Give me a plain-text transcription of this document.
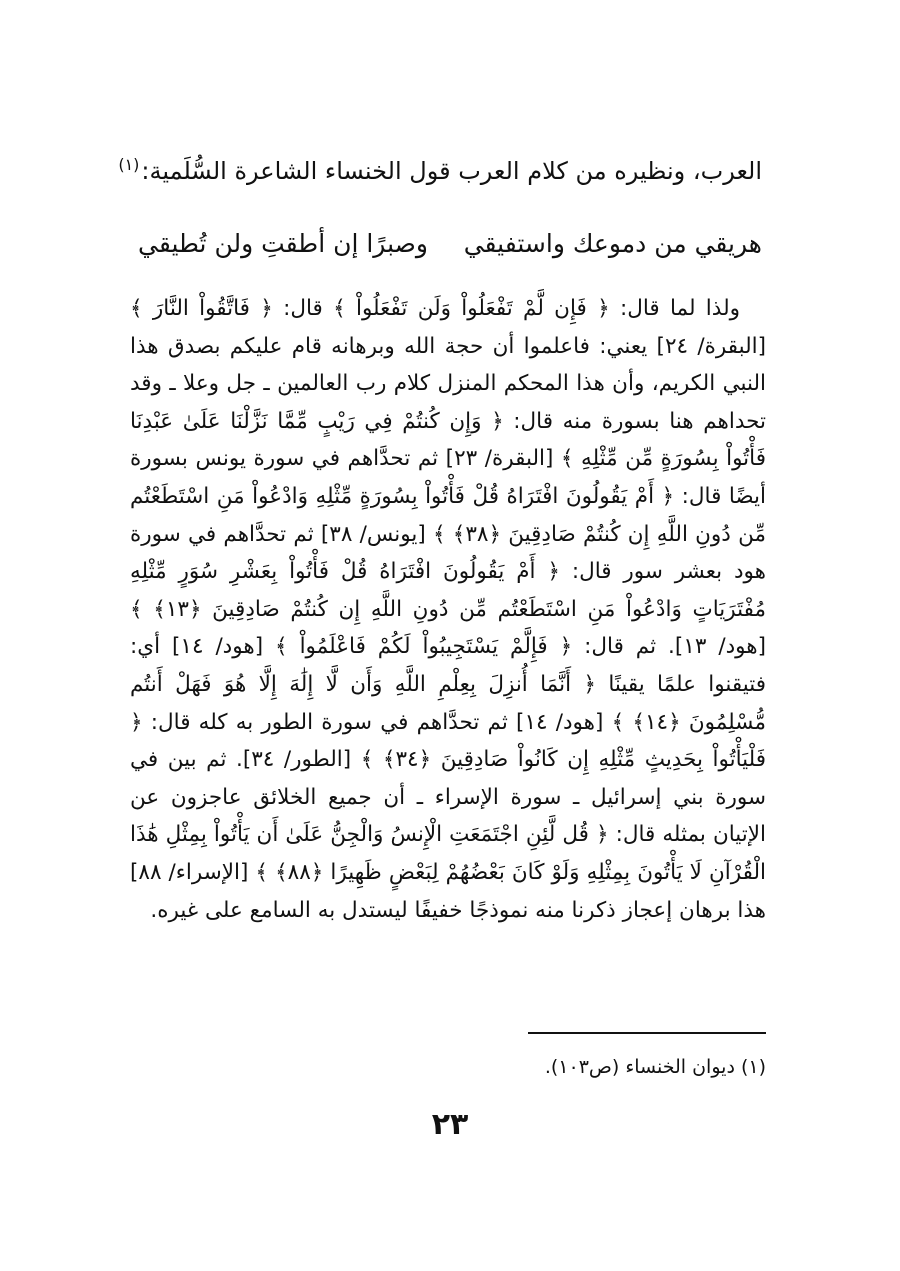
العرب، ونظيره من كلام العرب قول الخنساء الشاعرة السُّلَمية:$^{(١)}$
هريقي من دموعك واستفيقي
وصبرًا إن أطقتِ ولن تُطيقي

ولذا لما قال: ﴿ فَإِن لَّمْ تَفْعَلُواْ وَلَن تَفْعَلُواْ ﴾ قال: ﴿ فَاتَّقُواْ النَّارَ ﴾ [البقرة/ ٢٤] يعني: فاعلموا أن حجة الله وبرهانه قام عليكم بصدق هذا النبي الكريم، وأن هذا المحكم المنزل كلام رب العالمين ـ جل وعلا ـ وقد تحداهم هنا بسورة منه قال: ﴿ وَإِن كُنتُمْ فِي رَيْبٍ مِّمَّا نَزَّلْنَا عَلَىٰ عَبْدِنَا فَأْتُواْ بِسُورَةٍ مِّن مِّثْلِهِ ﴾ [البقرة/ ٢٣] ثم تحدَّاهم في سورة يونس بسورة أيضًا قال: ﴿ أَمْ يَقُولُونَ افْتَرَاهُ قُلْ فَأْتُواْ بِسُورَةٍ مِّثْلِهِ وَادْعُواْ مَنِ اسْتَطَعْتُم مِّن دُونِ اللَّهِ إِن كُنتُمْ صَادِقِينَ ﴿٣٨﴾ ﴾ [يونس/ ٣٨] ثم تحدَّاهم في سورة هود بعشر سور قال: ﴿ أَمْ يَقُولُونَ افْتَرَاهُ قُلْ فَأْتُواْ بِعَشْرِ سُوَرٍ مِّثْلِهِ مُفْتَرَيَاتٍ وَادْعُواْ مَنِ اسْتَطَعْتُم مِّن دُونِ اللَّهِ إِن كُنتُمْ صَادِقِينَ ﴿١٣﴾ ﴾ [هود/ ١٣]. ثم قال: ﴿ فَإِلَّمْ يَسْتَجِيبُواْ لَكُمْ فَاعْلَمُواْ ﴾ [هود/ ١٤] أي: فتيقنوا علمًا يقينًا ﴿ أَنَّمَا أُنزِلَ بِعِلْمِ اللَّهِ وَأَن لَّا إِلَٰهَ إِلَّا هُوَ فَهَلْ أَنتُم مُّسْلِمُونَ ﴿١٤﴾ ﴾ [هود/ ١٤] ثم تحدَّاهم في سورة الطور به كله قال: ﴿ فَلْيَأْتُواْ بِحَدِيثٍ مِّثْلِهِ إِن كَانُواْ صَادِقِينَ ﴿٣٤﴾ ﴾ [الطور/ ٣٤]. ثم بين في سورة بني إسرائيل ـ سورة الإسراء ـ أن جميع الخلائق عاجزون عن الإتيان بمثله قال: ﴿ قُل لَّئِنِ اجْتَمَعَتِ الْإِنسُ وَالْجِنُّ عَلَىٰ أَن يَأْتُواْ بِمِثْلِ هَٰذَا الْقُرْآنِ لَا يَأْتُونَ بِمِثْلِهِ وَلَوْ كَانَ بَعْضُهُمْ لِبَعْضٍ ظَهِيرًا ﴿٨٨﴾ ﴾ [الإسراء/ ٨٨] هذا برهان إعجاز ذكرنا منه نموذجًا خفيفًا ليستدل به السامع على غيره.

(١) ديوان الخنساء (ص١٠٣).
٢٣
